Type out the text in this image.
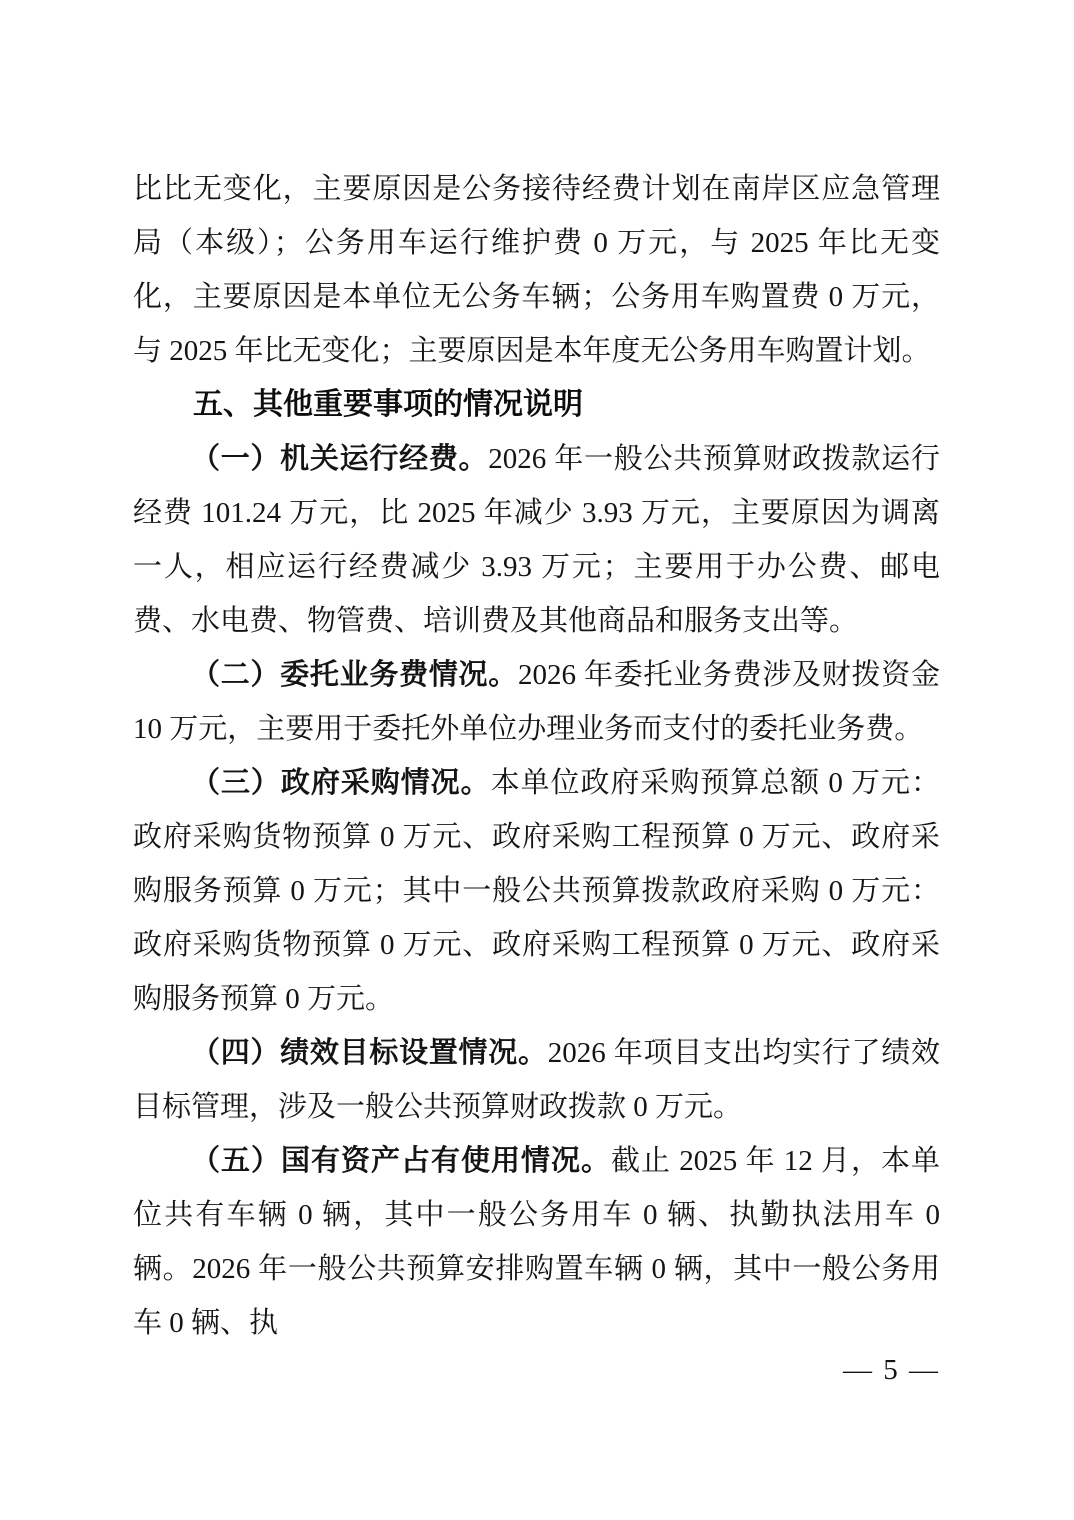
比比无变化，主要原因是公务接待经费计划在南岸区应急管理局（本级）；公务用车运行维护费 0 万元，与 2025 年比无变化，主要原因是本单位无公务车辆；公务用车购置费 0 万元，与 2025 年比无变化；主要原因是本年度无公务用车购置计划。

五、其他重要事项的情况说明

（一）机关运行经费。2026 年一般公共预算财政拨款运行经费 101.24 万元，比 2025 年减少 3.93 万元，主要原因为调离一人，相应运行经费减少 3.93 万元；主要用于办公费、邮电费、水电费、物管费、培训费及其他商品和服务支出等。

（二）委托业务费情况。2026 年委托业务费涉及财拨资金 10 万元，主要用于委托外单位办理业务而支付的委托业务费。

（三）政府采购情况。本单位政府采购预算总额 0 万元：政府采购货物预算 0 万元、政府采购工程预算 0 万元、政府采购服务预算 0 万元；其中一般公共预算拨款政府采购 0 万元：政府采购货物预算 0 万元、政府采购工程预算 0 万元、政府采购服务预算 0 万元。

（四）绩效目标设置情况。2026 年项目支出均实行了绩效目标管理，涉及一般公共预算财政拨款 0 万元。

（五）国有资产占有使用情况。截止 2025 年 12 月，本单位共有车辆 0 辆，其中一般公务用车 0 辆、执勤执法用车 0 辆。2026 年一般公共预算安排购置车辆 0 辆，其中一般公务用车 0 辆、执

— 5 —
